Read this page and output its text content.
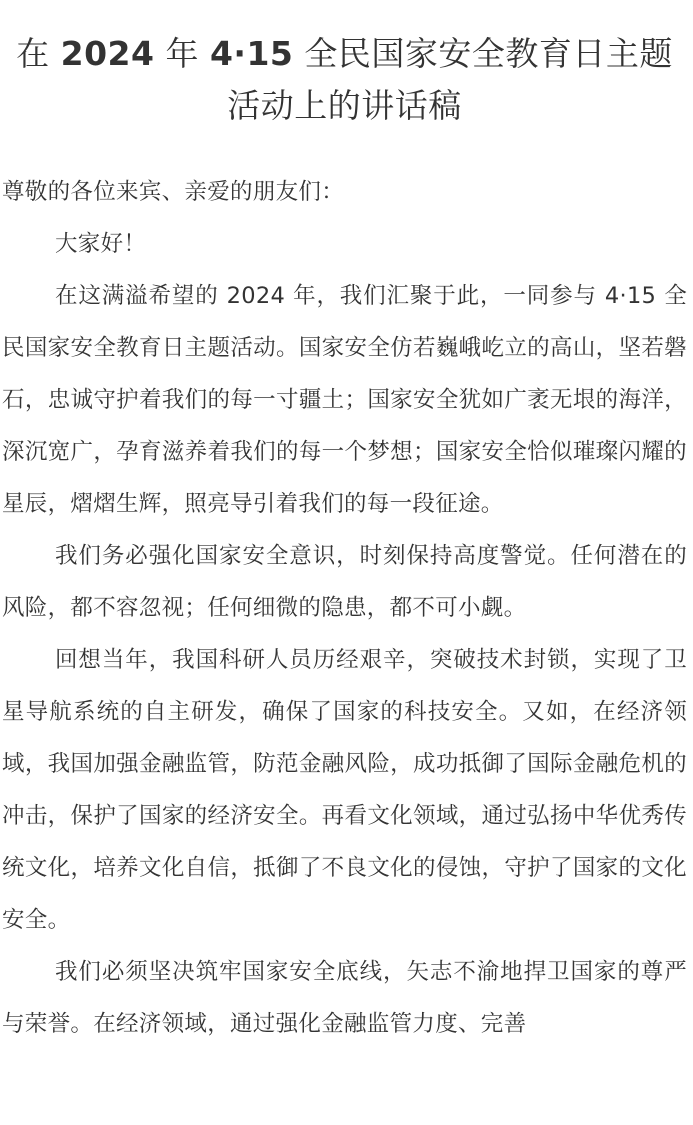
在 2024 年 4·15 全民国家安全教育日主题活动上的讲话稿

尊敬的各位来宾、亲爱的朋友们：

大家好！

在这满溢希望的 2024 年，我们汇聚于此，一同参与 4·15 全民国家安全教育日主题活动。国家安全仿若巍峨屹立的高山，坚若磐石，忠诚守护着我们的每一寸疆土；国家安全犹如广袤无垠的海洋，深沉宽广，孕育滋养着我们的每一个梦想；国家安全恰似璀璨闪耀的星辰，熠熠生辉，照亮导引着我们的每一段征途。

我们务必强化国家安全意识，时刻保持高度警觉。任何潜在的风险，都不容忽视；任何细微的隐患，都不可小觑。

回想当年，我国科研人员历经艰辛，突破技术封锁，实现了卫星导航系统的自主研发，确保了国家的科技安全。又如，在经济领域，我国加强金融监管，防范金融风险，成功抵御了国际金融危机的冲击，保护了国家的经济安全。再看文化领域，通过弘扬中华优秀传统文化，培养文化自信，抵御了不良文化的侵蚀，守护了国家的文化安全。

我们必须坚决筑牢国家安全底线，矢志不渝地捍卫国家的尊严与荣誉。在经济领域，通过强化金融监管力度、完善
